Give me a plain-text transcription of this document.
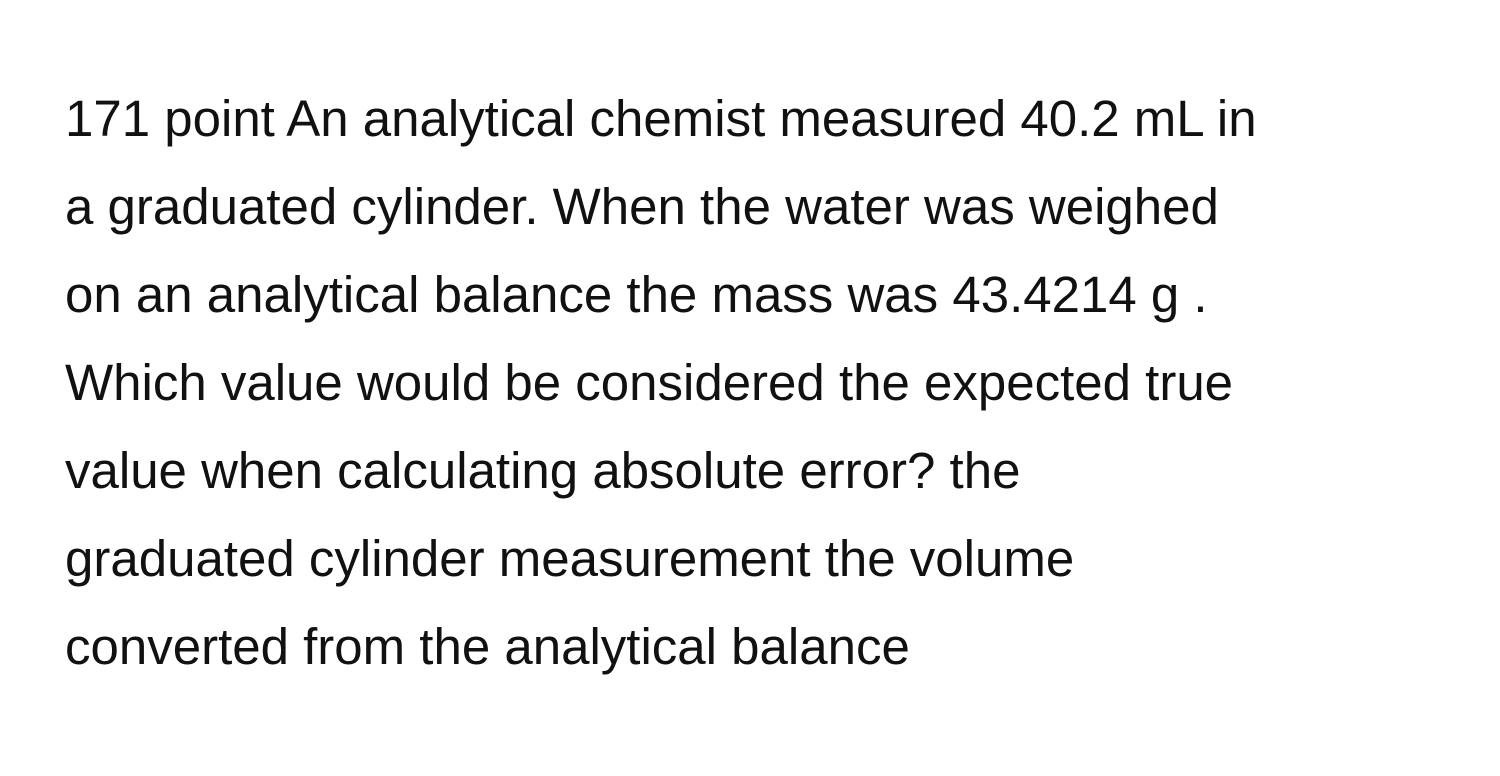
171 point An analytical chemist measured 40.2 mL in
a graduated cylinder. When the water was weighed
on an analytical balance the mass was 43.4214 g .
Which value would be considered the expected true
value when calculating absolute error? the
graduated cylinder measurement the volume
converted from the analytical balance
